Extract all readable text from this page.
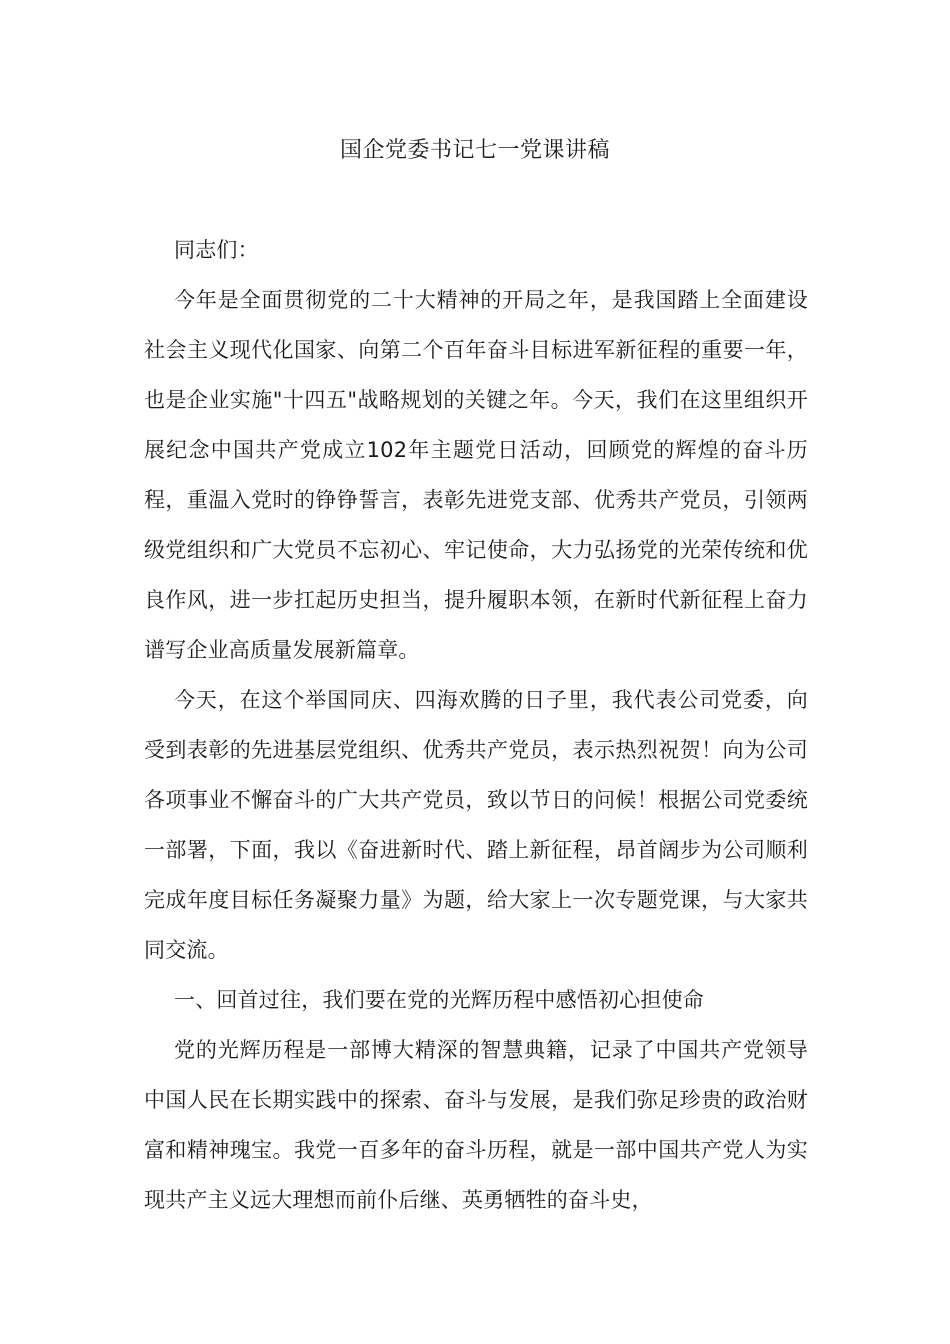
国企党委书记七一党课讲稿

同志们：

今年是全面贯彻党的二十大精神的开局之年，是我国踏上全面建设社会主义现代化国家、向第二个百年奋斗目标进军新征程的重要一年，也是企业实施"十四五"战略规划的关键之年。今天，我们在这里组织开展纪念中国共产党成立102年主题党日活动，回顾党的辉煌的奋斗历程，重温入党时的铮铮誓言，表彰先进党支部、优秀共产党员，引领两级党组织和广大党员不忘初心、牢记使命，大力弘扬党的光荣传统和优良作风，进一步扛起历史担当，提升履职本领，在新时代新征程上奋力谱写企业高质量发展新篇章。

今天，在这个举国同庆、四海欢腾的日子里，我代表公司党委，向受到表彰的先进基层党组织、优秀共产党员，表示热烈祝贺！向为公司各项事业不懈奋斗的广大共产党员，致以节日的问候！根据公司党委统一部署，下面，我以《奋进新时代、踏上新征程，昂首阔步为公司顺利完成年度目标任务凝聚力量》为题，给大家上一次专题党课，与大家共同交流。

一、回首过往，我们要在党的光辉历程中感悟初心担使命

党的光辉历程是一部博大精深的智慧典籍，记录了中国共产党领导中国人民在长期实践中的探索、奋斗与发展，是我们弥足珍贵的政治财富和精神瑰宝。我党一百多年的奋斗历程，就是一部中国共产党人为实现共产主义远大理想而前仆后继、英勇牺牲的奋斗史，
